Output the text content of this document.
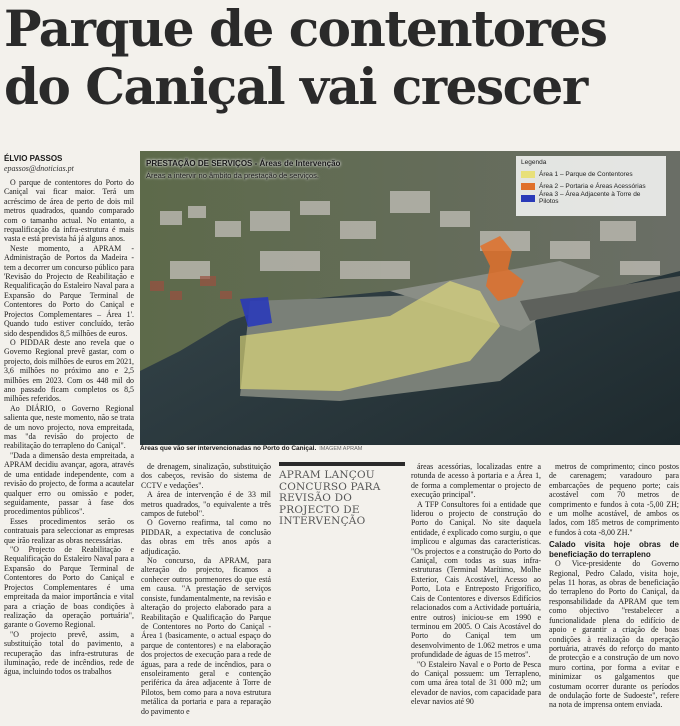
Parque de contentores
do Caniçal vai crescer
ÉLVIO PASSOS
epassos@dnoticias.pt

O parque de contentores do Porto do Caniçal vai ficar maior. Terá um acréscimo de área de perto de dois mil metros quadrados, quando comparado com o tamanho actual. No entanto, a requalificação da infra-estrutura é mais vasta e está prevista há já alguns anos.

Neste momento, a APRAM - Administração de Portos da Madeira - tem a decorrer um concurso público para 'Revisão do Projecto de Reabilitação e Requalificação do Estaleiro Naval para a Expansão do Parque Terminal de Contentores do Porto do Caniçal e Projectos Complementares – Área 1'. Quando tudo estiver concluído, terão sido despendidos 8,5 milhões de euros.

O PIDDAR deste ano revela que o Governo Regional prevê gastar, com o projecto, dois milhões de euros em 2021, 3,6 milhões no próximo ano e 2,5 milhões em 2023. Com os 448 mil do ano passado ficam completos os 8,5 milhões referidos.

Ao DIÁRIO, o Governo Regional salienta que, neste momento, não se trata de um novo projecto, nova empreitada, mas "da revisão do projecto de reabilitação do terrapleno do Caniçal".

"Dada a dimensão desta empreitada, a

APRAM decidiu avançar, agora, através de uma entidade independente, com a revisão do projecto, de forma a acautelar qualquer erro ou omissão e poder, seguidamente, passar à fase dos procedimentos públicos".

Esses procedimentos serão os contratuais para seleccionar as empresas que irão realizar as obras necessárias.

"O Projecto de Reabilitação e Requalificação do Estaleiro Naval para a Expansão do Parque Terminal de Contentores do Porto do Caniçal e Projectos Complementares é uma empreitada da maior importância e vital para a criação de boas condições à realização da operação portuária", garante o Governo Regional.

"O projecto prevê, assim, a substituição total do pavimento, a recuperação das infra-estruturas de iluminação, rede de incêndios, rede de água, incluindo todos os trabalhos

PRESTAÇÃO DE SERVIÇOS - Áreas de Intervenção
Áreas a intervir no âmbito da prestação de serviços.
Legenda
Área 1 – Parque de Contentores
Área 2 – Portaria e Áreas Acessórias
Área 3 – Área Adjacente à Torre de Pilotos
Áreas que vão ser intervencionadas no Porto do Caniçal. IMAGEM APRAM

de drenagem, sinalização, substituição dos cabeços, revisão do sistema de CCTV e vedações".

A área de intervenção é de 33 mil metros quadrados, "o equivalente a três campos de futebol".

O Governo reafirma, tal como no PIDDAR, a expectativa de conclusão das obras em três anos após a adjudicação.

No concurso, da APRAM, para alteração do projecto, ficamos a conhecer outros pormenores do que está em causa. "A prestação de serviços consiste, fundamentalmente, na revisão e alteração do projecto elaborado para a Reabilitação e Qualificação do Parque de Contentores no Porto do Caniçal - Área 1 (basicamente, o actual espaço do parque de contentores) e na elaboração dos projectos de execução para a rede de águas, para a rede de incêndios, para o ensoleiramento geral e contenção periférica da área adjacente à Torre de Pilotos, bem como para a nova estrutura metálica da portaria e para a reparação do pavimento e

APRAM LANÇOU CONCURSO PARA REVISÃO DO PROJECTO DE INTERVENÇÃO

áreas acessórias, localizadas entre a rotunda de acesso à portaria e a Área 1, de forma a complementar o projecto de execução principal".

A TFP Consultores foi a entidade que liderou o projecto de construção do Porto do Caniçal. No site daquela entidade, é explicado como surgiu, o que implicou e algumas das características. "Os projectos e a construção do Porto do Caniçal, com todas as suas infra-estruturas (Terminal Marítimo, Molhe Exterior, Cais Acostável, Acesso ao Porto, Lota e Entreposto Frigorífico, Cais de Contentores e diversos Edifícios relacionados com a Actividade portuária, entre outros) iniciou-se em 1990 e terminou em 2005. O Cais Acostável do Porto do Caniçal tem um desenvolvimento de 1.062 metros e uma profundidade de águas de 15 metros".

"O Estaleiro Naval e o Porto de Pesca do Caniçal possuem: um Terrapleno, com uma área total de 31 000 m2; um elevador de navios, com capacidade para elevar navios até 90

metros de comprimento; cinco postos de carenagem; varadouro para embarcações de pequeno porte; cais acostável com 70 metros de comprimento e fundos à cota -5,00 ZH; e um molhe acostável, de ambos os lados, com 185 metros de comprimento e fundos à cota -8,00 ZH."

Calado visita hoje obras de beneficiação do terrapleno

O Vice-presidente do Governo Regional, Pedro Calado, visita hoje, pelas 11 horas, as obras de beneficiação do terrapleno do Porto do Caniçal, da responsabilidade da APRAM que tem como objectivo "restabelecer a funcionalidade plena do edifício de apoio e garantir a criação de boas condições à realização da operação portuária, através do reforço do manto de protecção e a construção de um novo muro cortina, por forma a evitar e minimizar os galgamentos que costumam ocorrer durante os períodos de ondulação forte de Sudoeste", refere na nota de imprensa ontem enviada.
